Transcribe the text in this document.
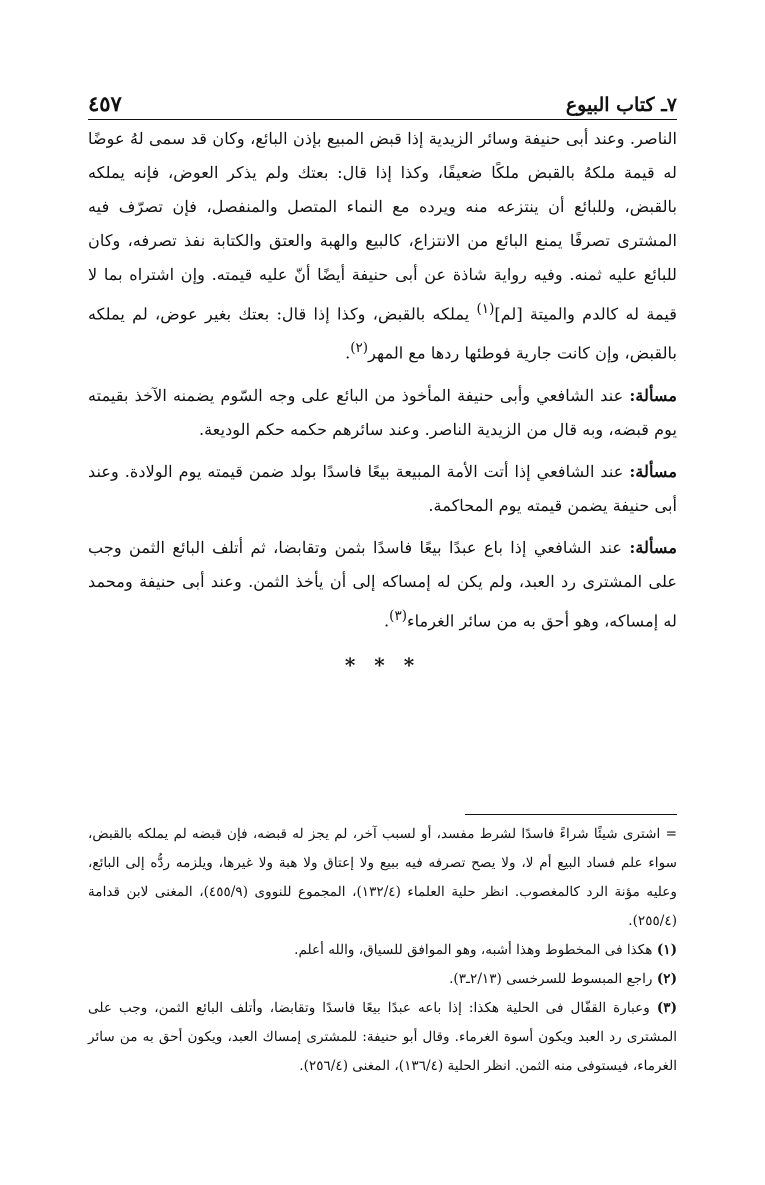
٧ـ كتاب البيوع
٤٥٧

الناصر. وعند أبى حنيفة وسائر الزيدية إذا قبض المبيع بإذن البائع، وكان قد سمى لهُ عوضًا له قيمة ملكهُ بالقبض ملكًا ضعيفًا، وكذا إذا قال: بعتك ولم يذكر العوض، فإنه يملكه بالقبض، وللبائع أن ينتزعه منه ويرده مع النماء المتصل والمنفصل، فإن تصرّف فيه المشترى تصرفًا يمنع البائع من الانتزاع، كالبيع والهبة والعتق والكتابة نفذ تصرفه، وكان للبائع عليه ثمنه. وفيه رواية شاذة عن أبى حنيفة أيضًا أنّ عليه قيمته. وإن اشتراه بما لا قيمة له كالدم والميتة [لم]$^{(١)}$ يملكه بالقبض، وكذا إذا قال: بعتك بغير عوض، لم يملكه بالقبض، وإن كانت جارية فوطئها ردها مع المهر$^{(٢)}$.

مسألة: عند الشافعي وأبى حنيفة المأخوذ من البائع على وجه السّوم يضمنه الآخذ بقيمته يوم قبضه، وبه قال من الزيدية الناصر. وعند سائرهم حكمه حكم الوديعة.

مسألة: عند الشافعي إذا أتت الأمة المبيعة بيعًا فاسدًا بولد ضمن قيمته يوم الولادة. وعند أبى حنيفة يضمن قيمته يوم المحاكمة.

مسألة: عند الشافعي إذا باع عبدًا بيعًا فاسدًا بثمن وتقابضا، ثم أتلف البائع الثمن وجب على المشترى رد العبد، ولم يكن له إمساكه إلى أن يأخذ الثمن. وعند أبى حنيفة ومحمد له إمساكه، وهو أحق به من سائر الغرماء$^{(٣)}$.

* * *

= اشترى شيئًا شراءً فاسدًا لشرط مفسد، أو لسبب آخر، لم يجز له قبضه، فإن قبضه لم يملكه بالقبض، سواء علم فساد البيع أم لا، ولا يصح تصرفه فيه ببيع ولا إعتاق ولا هبة ولا غيرها، ويلزمه ردُّه إلى البائع، وعليه مؤنة الرد كالمغصوب. انظر حلية العلماء (١٣٢/٤)، المجموع للنووى (٤٥٥/٩)، المغنى لابن قدامة (٢٥٥/٤).

(١) هكذا فى المخطوط وهذا أشبه، وهو الموافق للسياق، والله أعلم.

(٢) راجع المبسوط للسرخسى (٢/١٣ـ٣).

(٣) وعبارة القفّال فى الحلية هكذا: إذا باعه عبدًا بيعًا فاسدًا وتقابضا، وأتلف البائع الثمن، وجب على المشترى رد العبد ويكون أسوة الغرماء. وقال أبو حنيفة: للمشترى إمساك العبد، ويكون أحق به من سائر الغرماء، فيستوفى منه الثمن. انظر الحلية (١٣٦/٤)، المغنى (٢٥٦/٤).
